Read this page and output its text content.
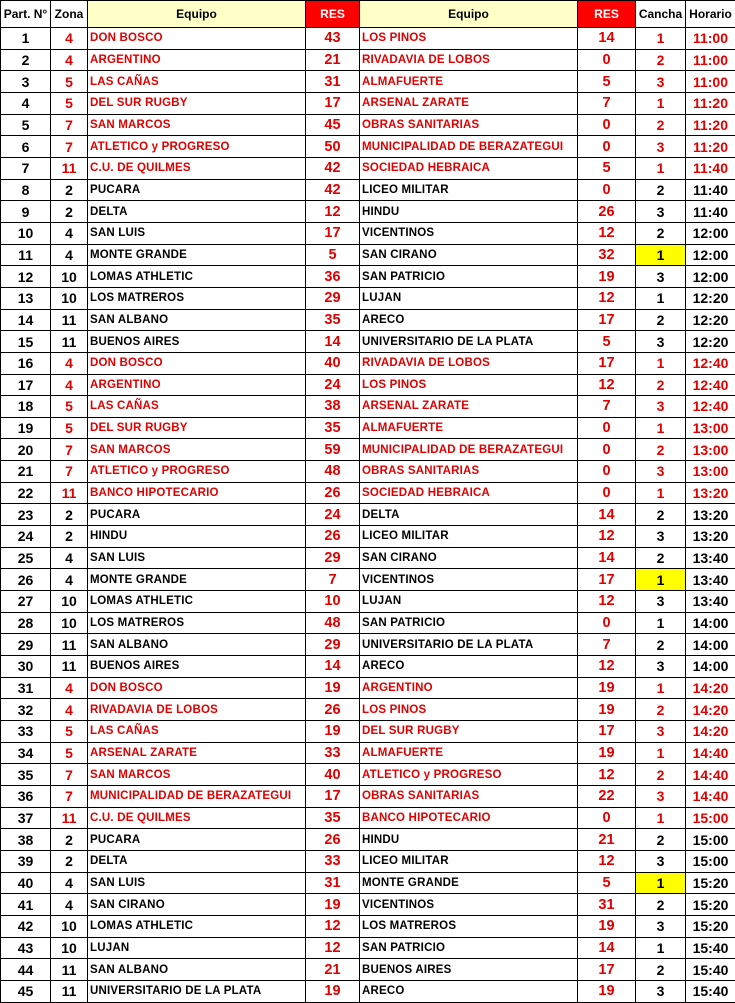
Part. N°	Zona	Equipo	RES	Equipo	RES	Cancha	Horario
1	4	DON BOSCO	43	LOS PINOS	14	1	11:00
2	4	ARGENTINO	21	RIVADAVIA DE LOBOS	0	2	11:00
3	5	LAS CAÑAS	31	ALMAFUERTE	5	3	11:00
4	5	DEL SUR RUGBY	17	ARSENAL ZARATE	7	1	11:20
5	7	SAN MARCOS	45	OBRAS SANITARIAS	0	2	11:20
6	7	ATLETICO y PROGRESO	50	MUNICIPALIDAD DE BERAZATEGUI	0	3	11:20
7	11	C.U. DE QUILMES	42	SOCIEDAD HEBRAICA	5	1	11:40
8	2	PUCARA	42	LICEO MILITAR	0	2	11:40
9	2	DELTA	12	HINDU	26	3	11:40
10	4	SAN LUIS	17	VICENTINOS	12	2	12:00
11	4	MONTE GRANDE	5	SAN CIRANO	32	1	12:00
12	10	LOMAS ATHLETIC	36	SAN PATRICIO	19	3	12:00
13	10	LOS MATREROS	29	LUJAN	12	1	12:20
14	11	SAN ALBANO	35	ARECO	17	2	12:20
15	11	BUENOS AIRES	14	UNIVERSITARIO DE LA PLATA	5	3	12:20
16	4	DON BOSCO	40	RIVADAVIA DE LOBOS	17	1	12:40
17	4	ARGENTINO	24	LOS PINOS	12	2	12:40
18	5	LAS CAÑAS	38	ARSENAL ZARATE	7	3	12:40
19	5	DEL SUR RUGBY	35	ALMAFUERTE	0	1	13:00
20	7	SAN MARCOS	59	MUNICIPALIDAD DE BERAZATEGUI	0	2	13:00
21	7	ATLETICO y PROGRESO	48	OBRAS SANITARIAS	0	3	13:00
22	11	BANCO HIPOTECARIO	26	SOCIEDAD HEBRAICA	0	1	13:20
23	2	PUCARA	24	DELTA	14	2	13:20
24	2	HINDU	26	LICEO MILITAR	12	3	13:20
25	4	SAN LUIS	29	SAN CIRANO	14	2	13:40
26	4	MONTE GRANDE	7	VICENTINOS	17	1	13:40
27	10	LOMAS ATHLETIC	10	LUJAN	12	3	13:40
28	10	LOS MATREROS	48	SAN PATRICIO	0	1	14:00
29	11	SAN ALBANO	29	UNIVERSITARIO DE LA PLATA	7	2	14:00
30	11	BUENOS AIRES	14	ARECO	12	3	14:00
31	4	DON BOSCO	19	ARGENTINO	19	1	14:20
32	4	RIVADAVIA DE LOBOS	26	LOS PINOS	19	2	14:20
33	5	LAS CAÑAS	19	DEL SUR RUGBY	17	3	14:20
34	5	ARSENAL ZARATE	33	ALMAFUERTE	19	1	14:40
35	7	SAN MARCOS	40	ATLETICO y PROGRESO	12	2	14:40
36	7	MUNICIPALIDAD DE BERAZATEGUI	17	OBRAS SANITARIAS	22	3	14:40
37	11	C.U. DE QUILMES	35	BANCO HIPOTECARIO	0	1	15:00
38	2	PUCARA	26	HINDU	21	2	15:00
39	2	DELTA	33	LICEO MILITAR	12	3	15:00
40	4	SAN LUIS	31	MONTE GRANDE	5	1	15:20
41	4	SAN CIRANO	19	VICENTINOS	31	2	15:20
42	10	LOMAS ATHLETIC	12	LOS MATREROS	19	3	15:20
43	10	LUJAN	12	SAN PATRICIO	14	1	15:40
44	11	SAN ALBANO	21	BUENOS AIRES	17	2	15:40
45	11	UNIVERSITARIO DE LA PLATA	19	ARECO	19	3	15:40
